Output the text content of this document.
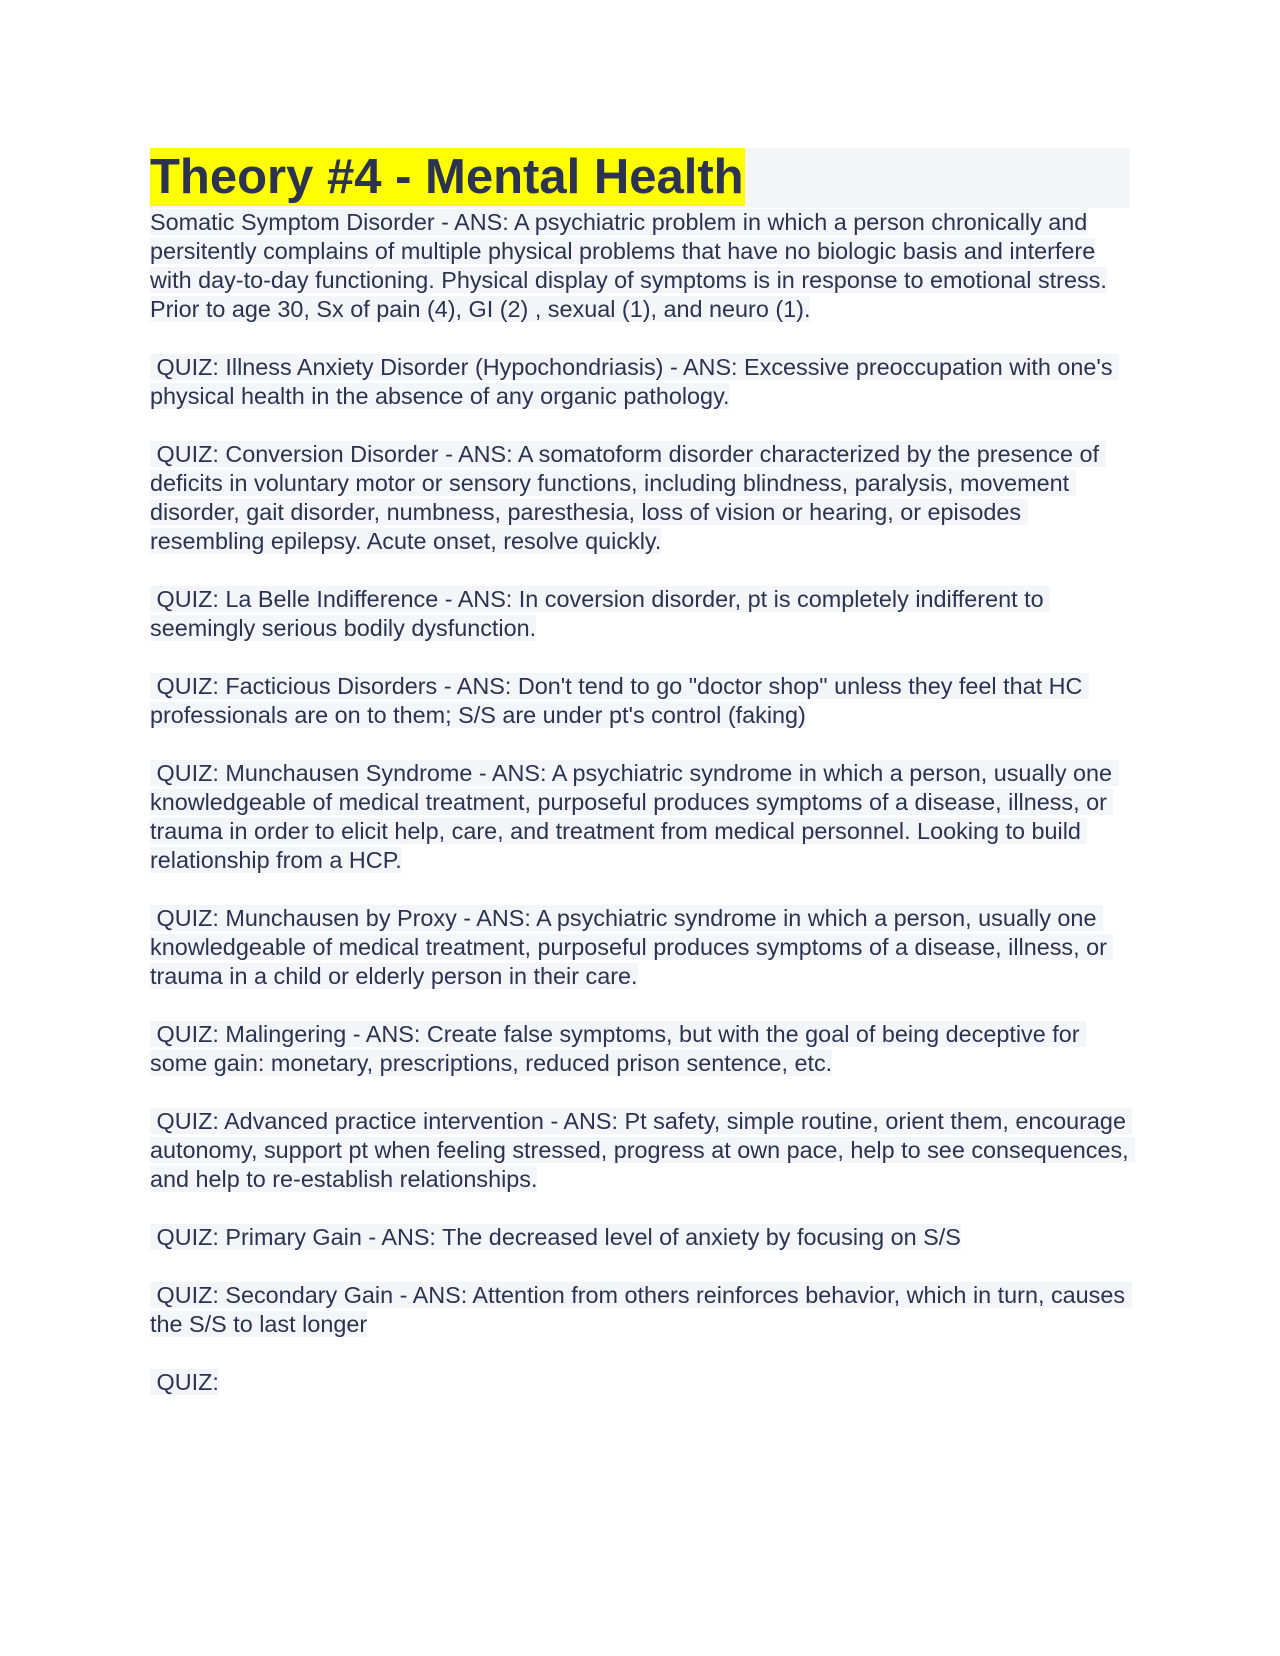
Theory #4 - Mental Health

Somatic Symptom Disorder - ANS: A psychiatric problem in which a person chronically and persitently complains of multiple physical problems that have no biologic basis and interfere with day-to-day functioning. Physical display of symptoms is in response to emotional stress. Prior to age 30, Sx of pain (4), GI (2) , sexual (1), and neuro (1).

QUIZ: Illness Anxiety Disorder (Hypochondriasis) - ANS: Excessive preoccupation with one's physical health in the absence of any organic pathology.

QUIZ: Conversion Disorder - ANS: A somatoform disorder characterized by the presence of deficits in voluntary motor or sensory functions, including blindness, paralysis, movement disorder, gait disorder, numbness, paresthesia, loss of vision or hearing, or episodes resembling epilepsy. Acute onset, resolve quickly.

QUIZ: La Belle Indifference - ANS: In coversion disorder, pt is completely indifferent to seemingly serious bodily dysfunction.

QUIZ: Facticious Disorders - ANS: Don't tend to go "doctor shop" unless they feel that HC professionals are on to them; S/S are under pt's control (faking)

QUIZ: Munchausen Syndrome - ANS: A psychiatric syndrome in which a person, usually one knowledgeable of medical treatment, purposeful produces symptoms of a disease, illness, or trauma in order to elicit help, care, and treatment from medical personnel. Looking to build relationship from a HCP.

QUIZ: Munchausen by Proxy - ANS: A psychiatric syndrome in which a person, usually one knowledgeable of medical treatment, purposeful produces symptoms of a disease, illness, or trauma in a child or elderly person in their care.

QUIZ: Malingering - ANS: Create false symptoms, but with the goal of being deceptive for some gain: monetary, prescriptions, reduced prison sentence, etc.

QUIZ: Advanced practice intervention - ANS: Pt safety, simple routine, orient them, encourage autonomy, support pt when feeling stressed, progress at own pace, help to see consequences, and help to re-establish relationships.

QUIZ: Primary Gain - ANS: The decreased level of anxiety by focusing on S/S

QUIZ: Secondary Gain - ANS: Attention from others reinforces behavior, which in turn, causes the S/S to last longer

QUIZ:
